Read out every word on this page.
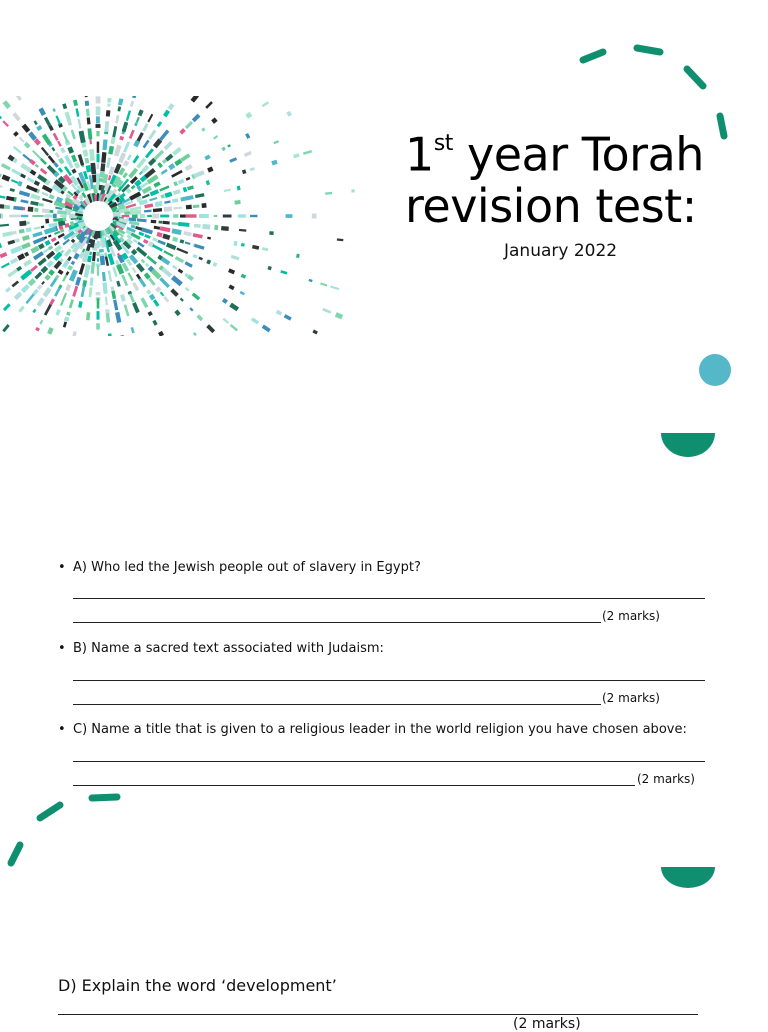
1st year Torah
revision test:
January 2022
• A) Who led the Jewish people out of slavery in Egypt?
(2 marks)
• B) Name a sacred text associated with Judaism:
(2 marks)
• C) Name a title that is given to a religious leader in the world religion you have chosen above:
(2 marks)
D) Explain the word ‘development’
(2 marks)
